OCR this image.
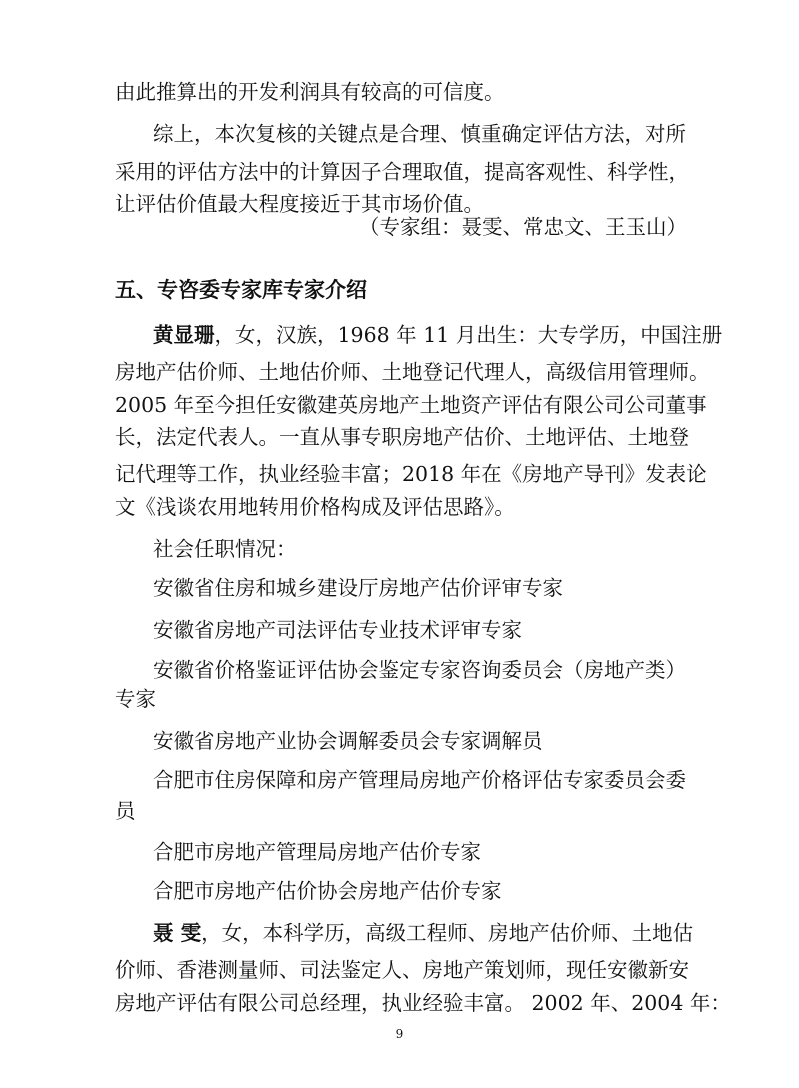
由此推算出的开发利润具有较高的可信度。
综上，本次复核的关键点是合理、慎重确定评估方法，对所
采用的评估方法中的计算因子合理取值，提高客观性、科学性，
让评估价值最大程度接近于其市场价值。
（专家组：聂雯、常忠文、王玉山）
五、专咨委专家库专家介绍
黄显珊，女，汉族，1968 年 11 月出生：大专学历，中国注册
房地产估价师、土地估价师、土地登记代理人，高级信用管理师。
2005 年至今担任安徽建英房地产土地资产评估有限公司公司董事
长，法定代表人。一直从事专职房地产估价、土地评估、土地登
记代理等工作，执业经验丰富；2018 年在《房地产导刊》发表论
文《浅谈农用地转用价格构成及评估思路》。
社会任职情况：
安徽省住房和城乡建设厅房地产估价评审专家
安徽省房地产司法评估专业技术评审专家
安徽省价格鉴证评估协会鉴定专家咨询委员会（房地产类）
专家
安徽省房地产业协会调解委员会专家调解员
合肥市住房保障和房产管理局房地产价格评估专家委员会委
员
合肥市房地产管理局房地产估价专家
合肥市房地产估价协会房地产估价专家
聂 雯，女，本科学历，高级工程师、房地产估价师、土地估
价师、香港测量师、司法鉴定人、房地产策划师，现任安徽新安
房地产评估有限公司总经理，执业经验丰富。 2002 年、2004 年：
9
